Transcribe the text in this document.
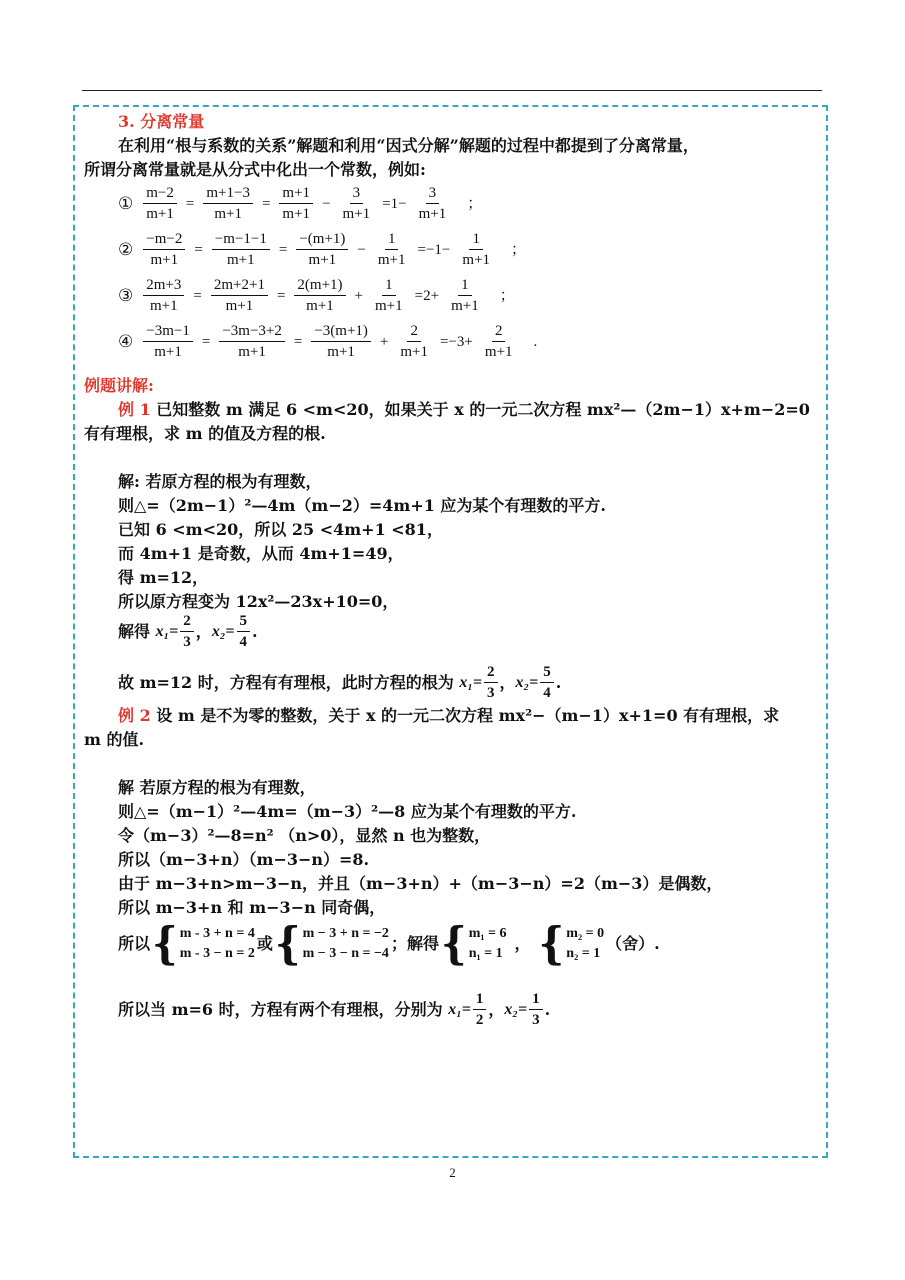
3. 分离常量
在利用“根与系数的关系”解题和利用“因式分解”解题的过程中都提到了分离常量，
所谓分离常量就是从分式中化出一个常数，例如:
① $\frac{m-2}{m+1} = \frac{m+1-3}{m+1} = \frac{m+1}{m+1} - \frac{3}{m+1} =1- \frac{3}{m+1}$ ；
② $\frac{-m-2}{m+1} = \frac{-m-1-1}{m+1} = \frac{-(m+1)}{m+1} - \frac{1}{m+1} =-1- \frac{1}{m+1}$ ；
③ $\frac{2m+3}{m+1} = \frac{2m+2+1}{m+1} = \frac{2(m+1)}{m+1} + \frac{1}{m+1} =2+ \frac{1}{m+1}$ ；
④ $\frac{-3m-1}{m+1} = \frac{-3m-3+2}{m+1} = \frac{-3(m+1)}{m+1} + \frac{2}{m+1} =-3+ \frac{2}{m+1}$ .
例题讲解:
例 1 已知整数 m 满足 6 <m<20，如果关于 x 的一元二次方程 mx²—（2m−1）x+m−2=0
有有理根，求 m 的值及方程的根.
解: 若原方程的根为有理数，
则△=（2m−1）²—4m（m−2）=4m+1 应为某个有理数的平方.
已知 6 <m<20，所以 25 <4m+1 <81，
而 4m+1 是奇数，从而 4m+1=49，
得 m=12，
所以原方程变为 12x²—23x+10=0，
解得
$x_1= \frac{2}{3}$ ， $x_2= \frac{5}{4}$ .
故 m=12 时，方程有有理根，此时方程的根为
$x_1= \frac{2}{3}$ ， $x_2= \frac{5}{4}$ .
例 2 设 m 是不为零的整数，关于 x 的一元二次方程 mx²−（m−1）x+1=0 有有理根，求
m 的值.
解 若原方程的根为有理数，
则△=（m−1）²—4m=（m−3）²—8 应为某个有理数的平方.
令（m−3）²—8=n² （n>0），显然 n 也为整数，
所以（m−3+n）（m−3−n）=8.
由于 m−3+n>m−3−n，并且（m−3+n）+（m−3−n）=2（m−3）是偶数，
所以 m−3+n 和 m−3−n 同奇偶，
所以 { m - 3 + n = 4
m - 3 − n = 2
或 { m − 3 + n = −2
m − 3 − n = −4
；解得 { m₁ = 6
n₁ = 1
， { m₂ = 0
n₂ = 1
（舍）.
所以当 m=6 时，方程有两个有理根，分别为
$x_1= \frac{1}{2}$ ， $x_2= \frac{1}{3}$ .
2
